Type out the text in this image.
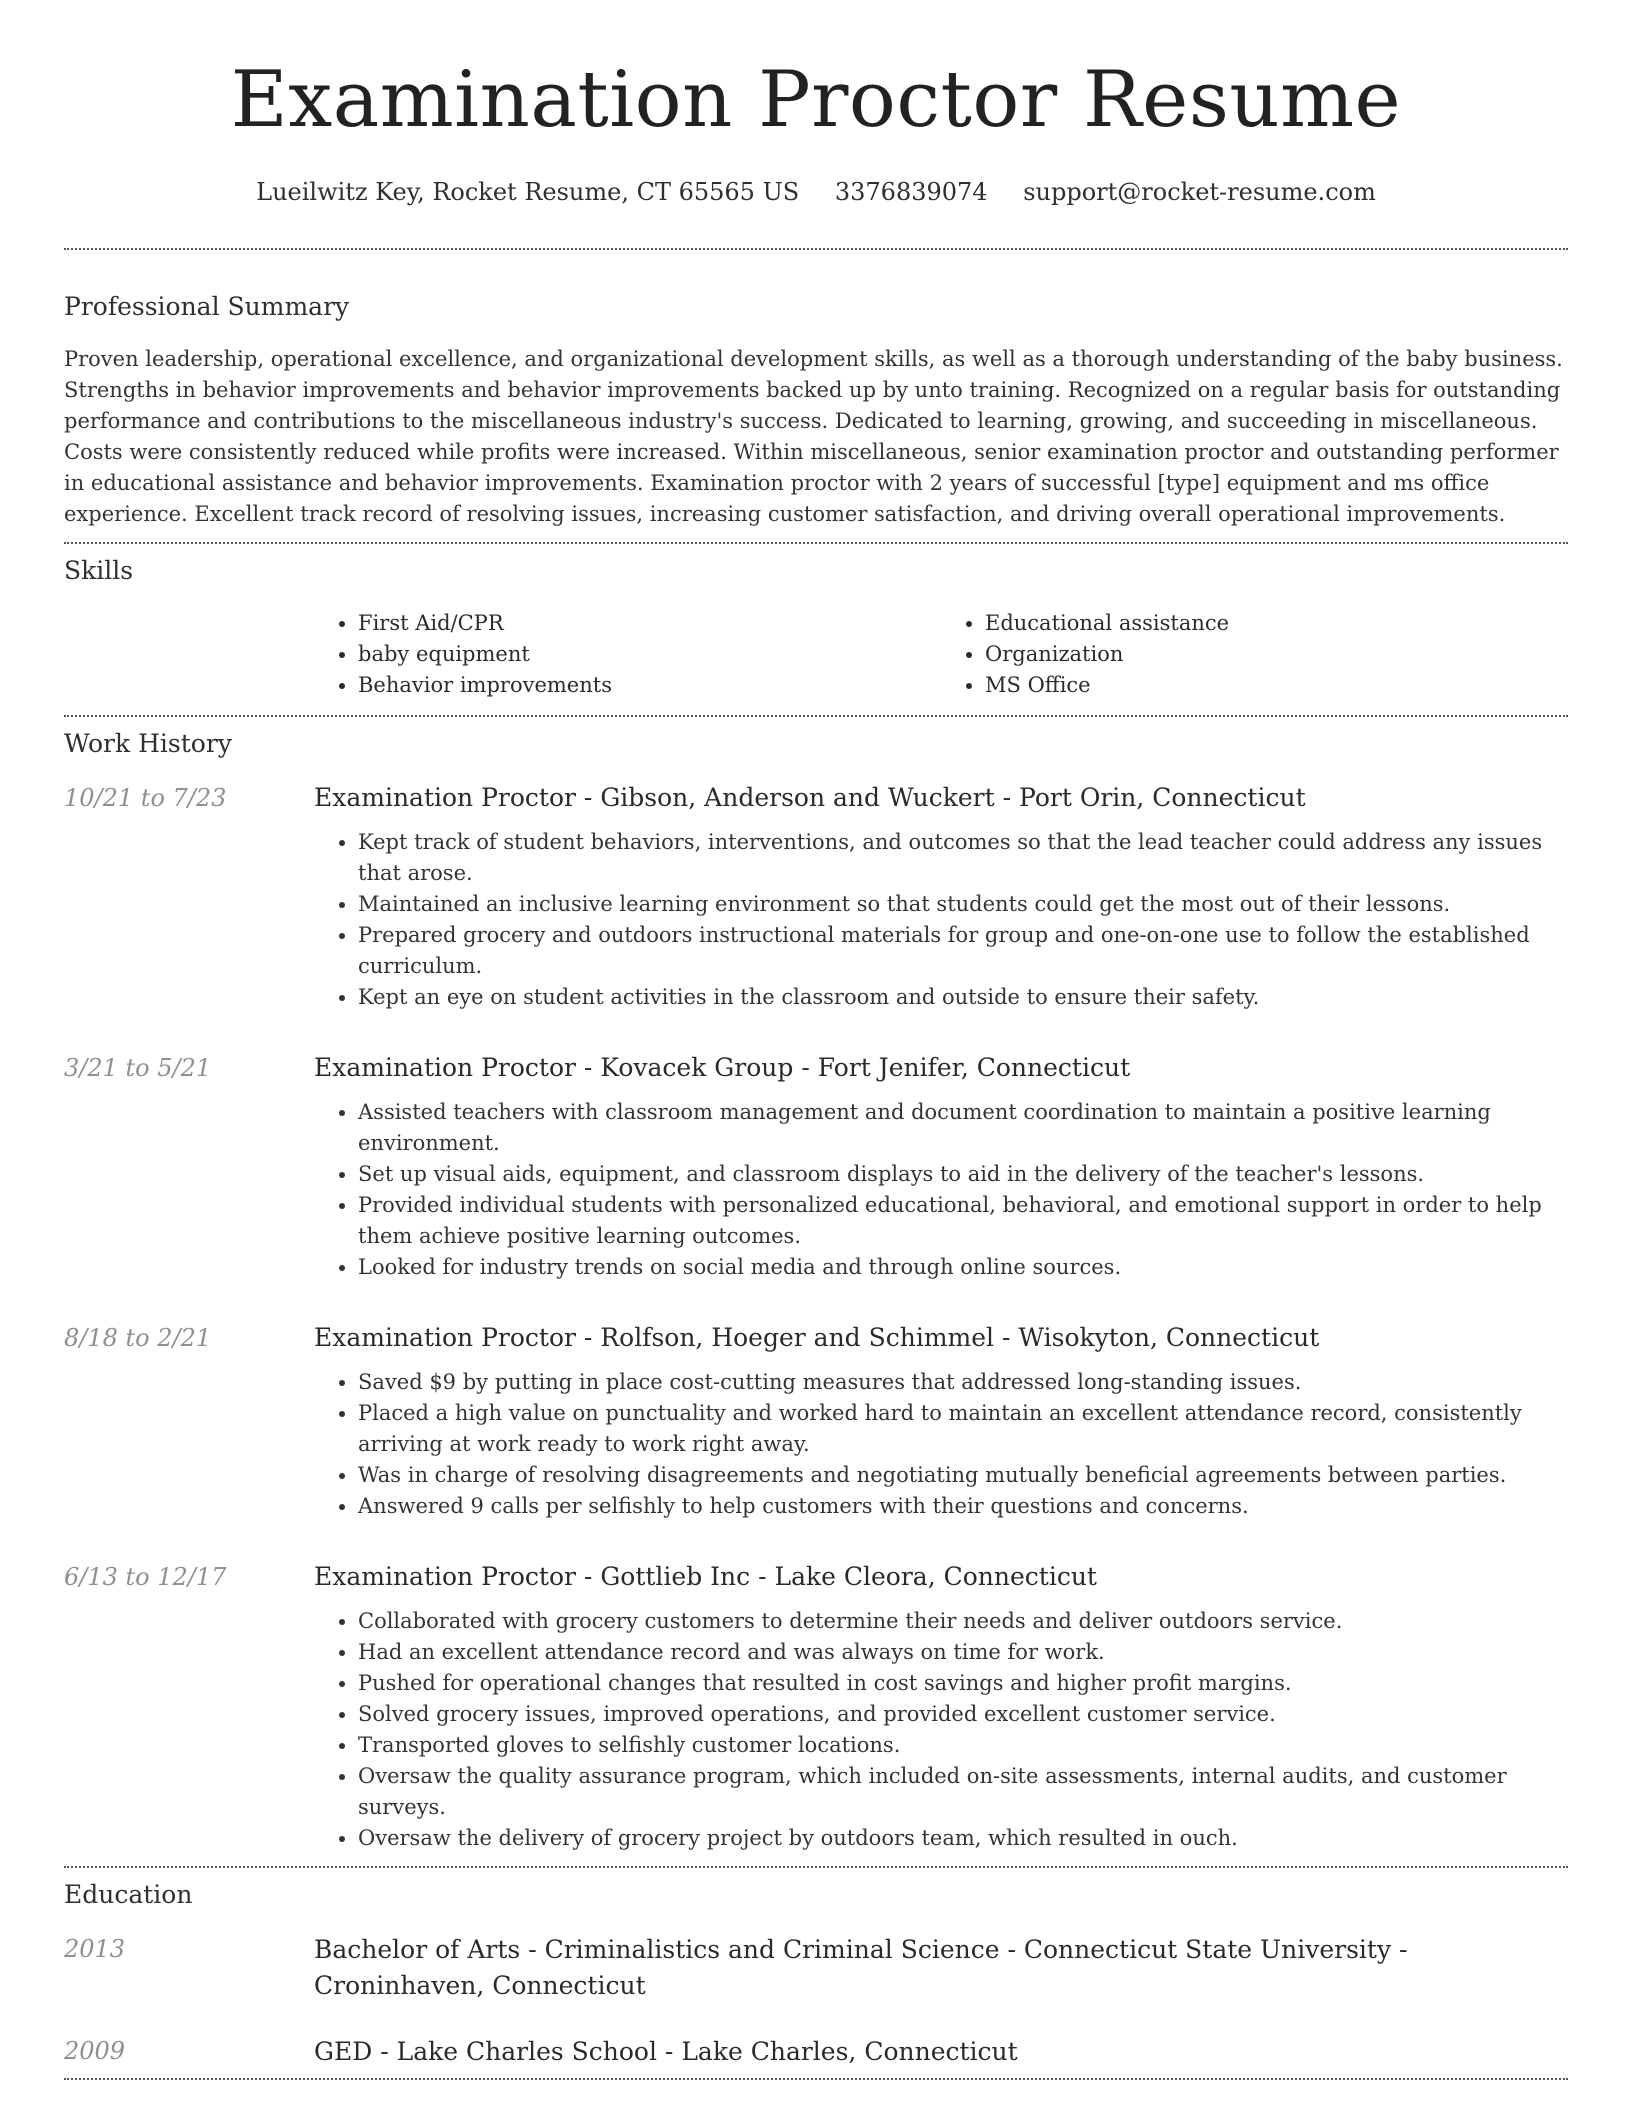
Examination Proctor Resume
Lueilwitz Key, Rocket Resume, CT 65565 US 3376839074 support@rocket-resume.com
Professional Summary

Proven leadership, operational excellence, and organizational development skills, as well as a thorough understanding of the baby business. Strengths in behavior improvements and behavior improvements backed up by unto training. Recognized on a regular basis for outstanding performance and contributions to the miscellaneous industry's success. Dedicated to learning, growing, and succeeding in miscellaneous. Costs were consistently reduced while profits were increased. Within miscellaneous, senior examination proctor and outstanding performer in educational assistance and behavior improvements. Examination proctor with 2 years of successful [type] equipment and ms office experience. Excellent track record of resolving issues, increasing customer satisfaction, and driving overall operational improvements.

Skills
• First Aid/CPR
• baby equipment
• Behavior improvements
• Educational assistance
• Organization
• MS Office
Work History
10/21 to 7/23	Examination Proctor - Gibson, Anderson and Wuckert - Port Orin, Connecticut
• Kept track of student behaviors, interventions, and outcomes so that the lead teacher could address any issues that arose.
• Maintained an inclusive learning environment so that students could get the most out of their lessons.
• Prepared grocery and outdoors instructional materials for group and one-on-one use to follow the established curriculum.
• Kept an eye on student activities in the classroom and outside to ensure their safety.
3/21 to 5/21	Examination Proctor - Kovacek Group - Fort Jenifer, Connecticut
• Assisted teachers with classroom management and document coordination to maintain a positive learning environment.
• Set up visual aids, equipment, and classroom displays to aid in the delivery of the teacher's lessons.
• Provided individual students with personalized educational, behavioral, and emotional support in order to help them achieve positive learning outcomes.
• Looked for industry trends on social media and through online sources.
8/18 to 2/21	Examination Proctor - Rolfson, Hoeger and Schimmel - Wisokyton, Connecticut
• Saved $9 by putting in place cost-cutting measures that addressed long-standing issues.
• Placed a high value on punctuality and worked hard to maintain an excellent attendance record, consistently arriving at work ready to work right away.
• Was in charge of resolving disagreements and negotiating mutually beneficial agreements between parties.
• Answered 9 calls per selfishly to help customers with their questions and concerns.
6/13 to 12/17	Examination Proctor - Gottlieb Inc - Lake Cleora, Connecticut
• Collaborated with grocery customers to determine their needs and deliver outdoors service.
• Had an excellent attendance record and was always on time for work.
• Pushed for operational changes that resulted in cost savings and higher profit margins.
• Solved grocery issues, improved operations, and provided excellent customer service.
• Transported gloves to selfishly customer locations.
• Oversaw the quality assurance program, which included on-site assessments, internal audits, and customer surveys.
• Oversaw the delivery of grocery project by outdoors team, which resulted in ouch.
Education
2013	Bachelor of Arts - Criminalistics and Criminal Science - Connecticut State University - Croninhaven, Connecticut
2009	GED - Lake Charles School - Lake Charles, Connecticut
